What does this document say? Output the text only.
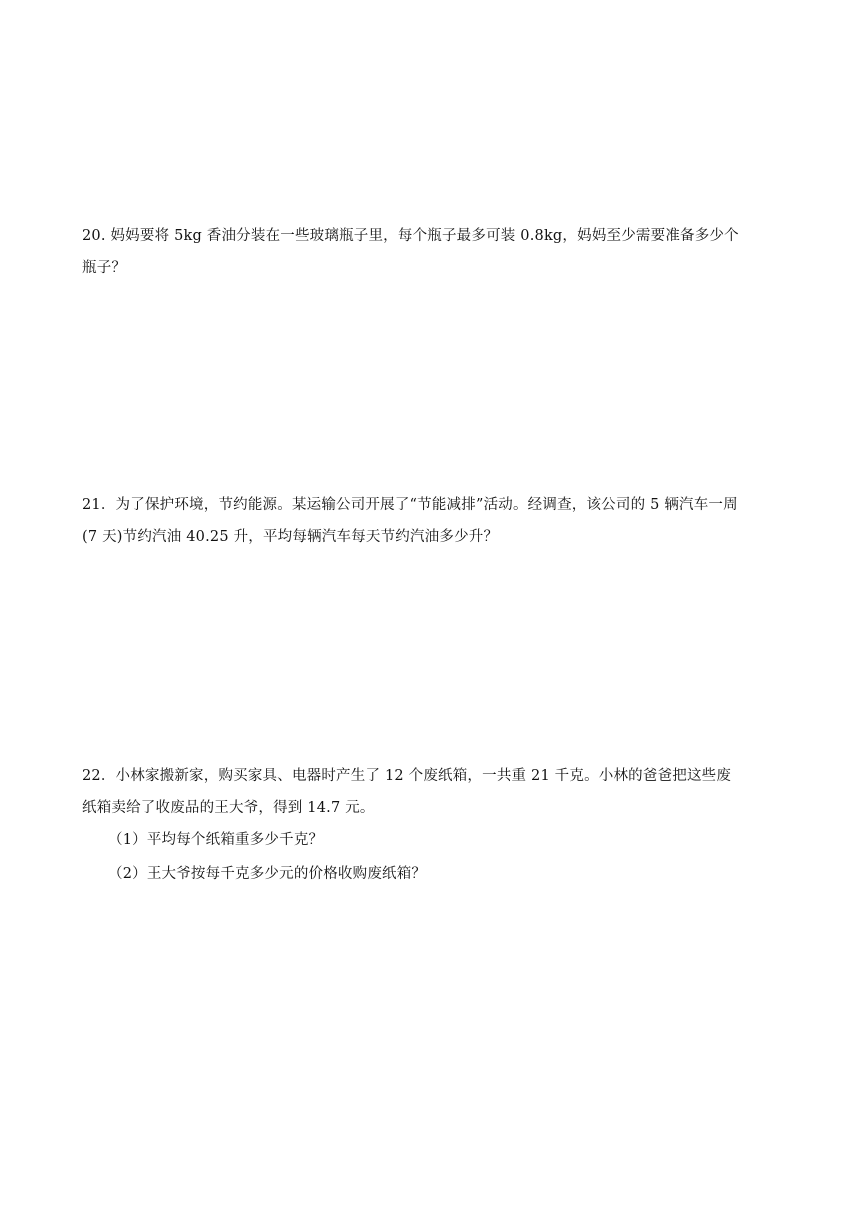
20. 妈妈要将 5kg 香油分装在一些玻璃瓶子里，每个瓶子最多可装 0.8kg，妈妈至少需要准备多少个
瓶子？
21．为了保护环境，节约能源。某运输公司开展了“节能减排”活动。经调查，该公司的 5 辆汽车一周
(7 天)节约汽油 40.25 升，平均每辆汽车每天节约汽油多少升？
22．小林家搬新家，购买家具、电器时产生了 12 个废纸箱，一共重 21 千克。小林的爸爸把这些废
纸箱卖给了收废品的王大爷，得到 14.7 元。
（1）平均每个纸箱重多少千克？
（2）王大爷按每千克多少元的价格收购废纸箱？
